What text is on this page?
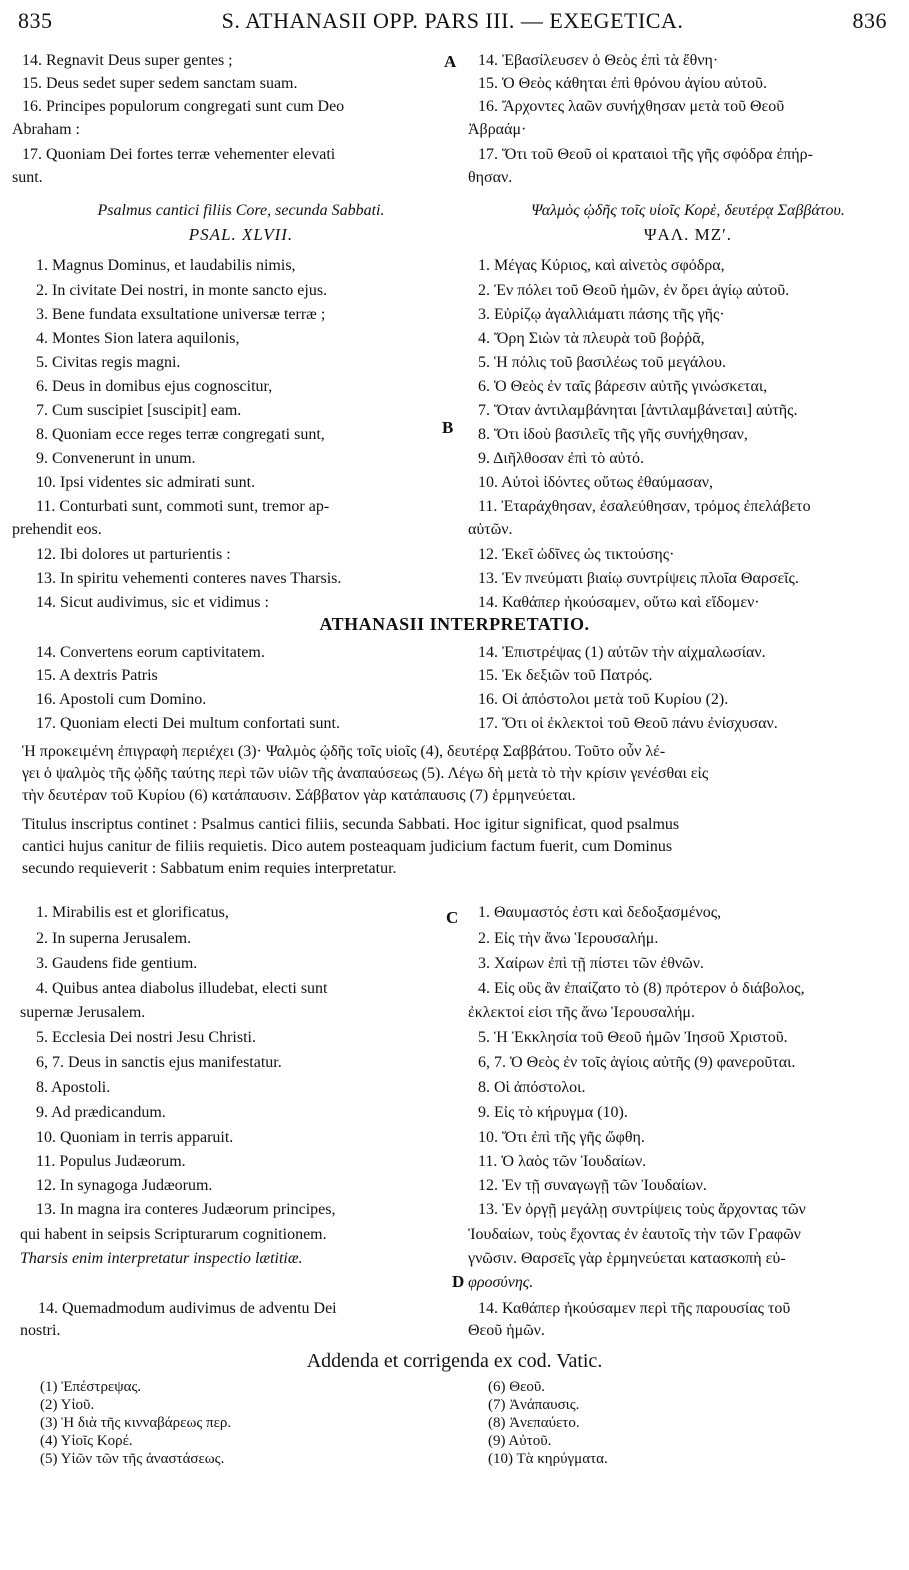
835	S. ATHANASII OPP. PARS III. — EXEGETICA.	836
14. Regnavit Deus super gentes ;	14. Ἐβασίλευσεν ὁ Θεὸς ἐπὶ τὰ ἔθνη·
A
15. Deus sedet super sedem sanctam suam.	15. Ὁ Θεὸς κάθηται ἐπὶ θρόνου ἁγίου αὐτοῦ.
16. Principes populorum congregati sunt cum Deo	16. Ἄρχοντες λαῶν συνήχθησαν μετὰ τοῦ Θεοῦ
Abraham :	Ἀβραάμ·
17. Quoniam Dei fortes terræ vehementer elevati	17. Ὅτι τοῦ Θεοῦ οἱ κραταιοὶ τῆς γῆς σφόδρα ἐπήρ-
sunt.	θησαν.
Psalmus cantici filiis Core, secunda Sabbati.	Ψαλμὸς ᾠδῆς τοῖς υἱοῖς Κορὲ, δευτέρᾳ Σαββάτου.
PSAL. XLVII.	ΨΑΛ. ΜΖʹ.
1. Magnus Dominus, et laudabilis nimis,	1. Μέγας Κύριος, καὶ αἰνετὸς σφόδρα,
2. In civitate Dei nostri, in monte sancto ejus.	2. Ἐν πόλει τοῦ Θεοῦ ἡμῶν, ἐν ὄρει ἁγίῳ αὐτοῦ.
3. Bene fundata exsultatione universæ terræ ;	3. Εὐρίζῳ ἀγαλλιάματι πάσης τῆς γῆς·
4. Montes Sion latera aquilonis,	4. Ὄρη Σιὼν τὰ πλευρὰ τοῦ βοῤῥᾶ,
5. Civitas regis magni.	5. Ἡ πόλις τοῦ βασιλέως τοῦ μεγάλου.
6. Deus in domibus ejus cognoscitur,	6. Ὁ Θεὸς ἐν ταῖς βάρεσιν αὐτῆς γινώσκεται,
7. Cum suscipiet [suscipit] eam.	7. Ὅταν ἀντιλαμβάνηται [ἀντιλαμβάνεται] αὐτῆς.
8. Quoniam ecce reges terræ congregati sunt,	8. Ὅτι ἰδοὺ βασιλεῖς τῆς γῆς συνήχθησαν,
B
9. Convenerunt in unum.	9. Διῆλθοσαν ἐπὶ τὸ αὐτό.
10. Ipsi videntes sic admirati sunt.	10. Αὐτοὶ ἰδόντες οὕτως ἐθαύμασαν,
11. Conturbati sunt, commoti sunt, tremor ap-	11. Ἐταράχθησαν, ἐσαλεύθησαν, τρόμος ἐπελάβετο
prehendit eos.	αὐτῶν.
12. Ibi dolores ut parturientis :	12. Ἐκεῖ ὠδῖνες ὡς τικτούσης·
13. In spiritu vehementi conteres naves Tharsis.	13. Ἐν πνεύματι βιαίῳ συντρίψεις πλοῖα Θαρσεῖς.
14. Sicut audivimus, sic et vidimus :	14. Καθάπερ ἠκούσαμεν, οὕτω καὶ εἴδομεν·
ATHANASII INTERPRETATIO.
14. Convertens eorum captivitatem.	14. Ἐπιστρέψας (1) αὐτῶν τὴν αἰχμαλωσίαν.
15. A dextris Patris	15. Ἐκ δεξιῶν τοῦ Πατρός.
16. Apostoli cum Domino.	16. Οἱ ἀπόστολοι μετὰ τοῦ Κυρίου (2).
17. Quoniam electi Dei multum confortati sunt.	17. Ὅτι οἱ ἐκλεκτοὶ τοῦ Θεοῦ πάνυ ἐνίσχυσαν.
Ἡ προκειμένη ἐπιγραφὴ περιέχει (3)· Ψαλμὸς ᾠδῆς τοῖς υἱοῖς (4), δευτέρᾳ Σαββάτου. Τοῦτο οὖν λέ-
γει ὁ ψαλμὸς τῆς ᾠδῆς ταύτης περὶ τῶν υἱῶν τῆς ἀναπαύσεως (5). Λέγω δὴ μετὰ τὸ τὴν κρίσιν γενέσθαι εἰς
τὴν δευτέραν τοῦ Κυρίου (6) κατάπαυσιν. Σάββατον γὰρ κατάπαυσις (7) ἑρμηνεύεται.
Titulus inscriptus continet : Psalmus cantici filiis, secunda Sabbati. Hoc igitur significat, quod psalmus
cantici hujus canitur de filiis requietis. Dico autem posteaquam judicium factum fuerit, cum Dominus
secundo requieverit : Sabbatum enim requies interpretatur.
C
1. Mirabilis est et glorificatus,	1. Θαυμαστός ἐστι καὶ δεδοξασμένος,
2. In superna Jerusalem.	2. Εἰς τὴν ἄνω Ἱερουσαλήμ.
3. Gaudens fide gentium.	3. Χαίρων ἐπὶ τῇ πίστει τῶν ἐθνῶν.
4. Quibus antea diabolus illudebat, electi sunt	4. Εἰς οὓς ἂν ἐπαίζατο τὸ (8) πρότερον ὁ διάβολος,
supernæ Jerusalem.	ἐκλεκτοί εἰσι τῆς ἄνω Ἱερουσαλήμ.
5. Ecclesia Dei nostri Jesu Christi.	5. Ἡ Ἐκκλησία τοῦ Θεοῦ ἡμῶν Ἰησοῦ Χριστοῦ.
6, 7. Deus in sanctis ejus manifestatur.	6, 7. Ὁ Θεὸς ἐν τοῖς ἁγίοις αὐτῆς (9) φανεροῦται.
8. Apostoli.	8. Οἱ ἀπόστολοι.
9. Ad prædicandum.	9. Εἰς τὸ κήρυγμα (10).
10. Quoniam in terris apparuit.	10. Ὅτι ἐπὶ τῆς γῆς ὤφθη.
11. Populus Judæorum.	11. Ὁ λαὸς τῶν Ἰουδαίων.
12. In synagoga Judæorum.	12. Ἐν τῇ συναγωγῇ τῶν Ἰουδαίων.
13. In magna ira conteres Judæorum principes,	13. Ἐν ὀργῇ μεγάλῃ συντρίψεις τοὺς ἄρχοντας τῶν
qui habent in seipsis Scripturarum cognitionem.	Ἰουδαίων, τοὺς ἔχοντας ἐν ἑαυτοῖς τὴν τῶν Γραφῶν
Tharsis enim interpretatur inspectio lætitiæ.	γνῶσιν. Θαρσεῖς γὰρ ἑρμηνεύεται κατασκοπὴ εὐ-
D φροσύνης.
14. Quemadmodum audivimus de adventu Dei	14. Καθάπερ ἠκούσαμεν περὶ τῆς παρουσίας τοῦ
nostri.	Θεοῦ ἡμῶν.
Addenda et corrigenda ex cod. Vatic.
(1) Ἐπέστρεψας.
(2) Υἱοῦ.
(3) Ἡ διὰ τῆς κινναβάρεως περ.
(4) Υἱοῖς Κορέ.
(5) Υἱῶν τῶν τῆς ἀναστάσεως.
(6) Θεοῦ.
(7) Ἀνάπαυσις.
(8) Ἀνεπαύετο.
(9) Αὐτοῦ.
(10) Τὰ κηρύγματα.
